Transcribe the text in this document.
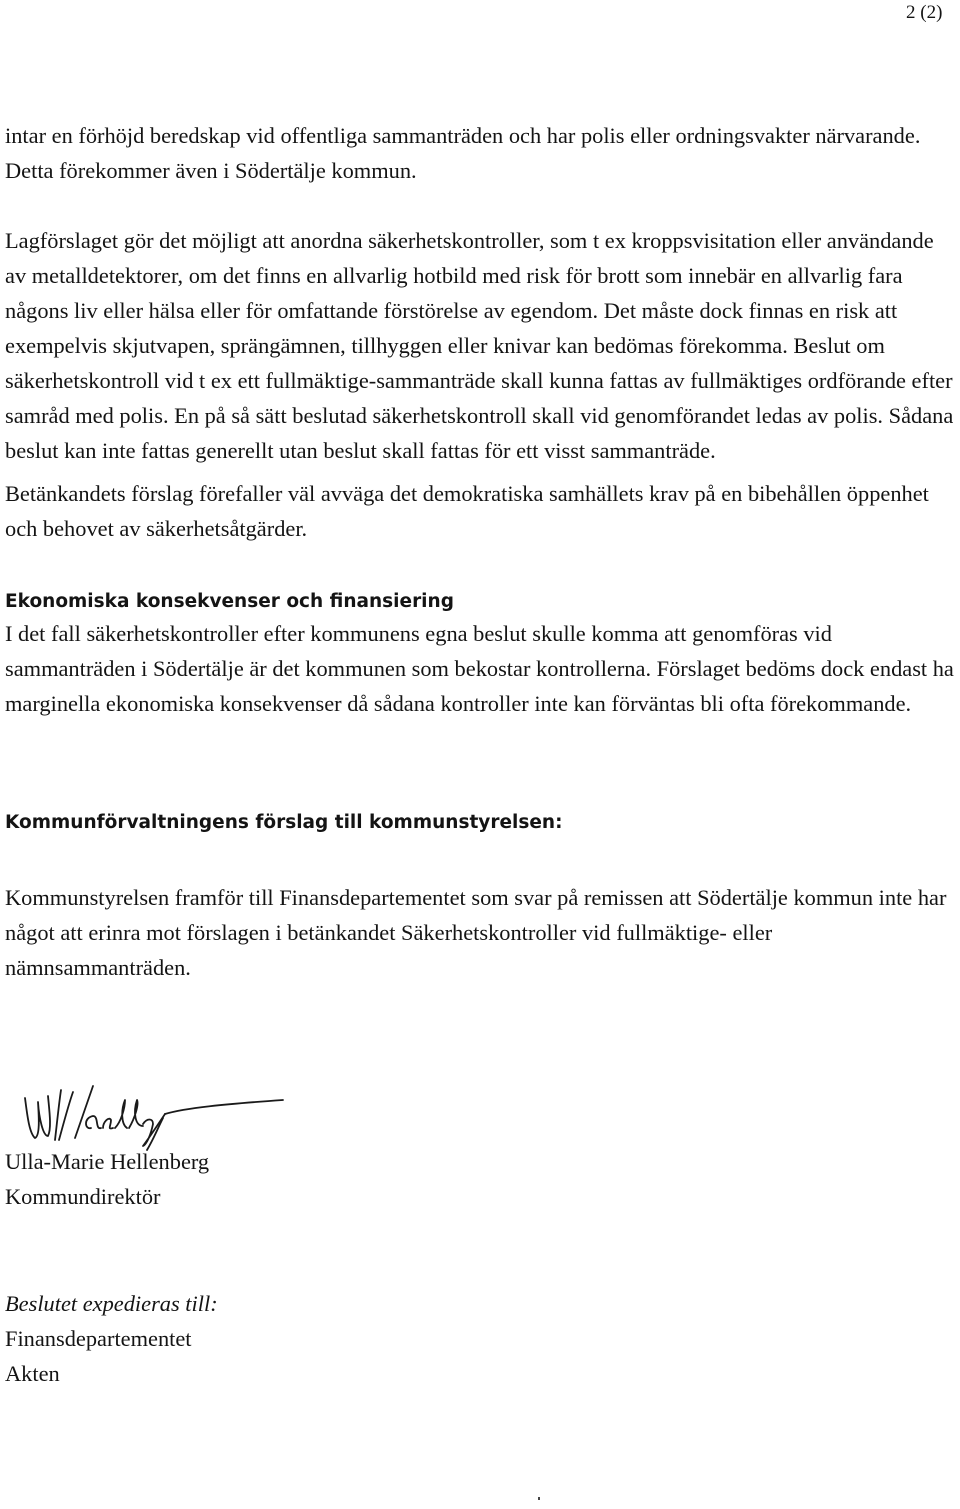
2 (2)

intar en förhöjd beredskap vid offentliga sammanträden och har polis eller ordningsvakter närvarande. Detta förekommer även i Södertälje kommun.

Lagförslaget gör det möjligt att anordna säkerhetskontroller, som t ex kroppsvisitation eller användande av metalldetektorer, om det finns en allvarlig hotbild med risk för brott som innebär en allvarlig fara någons liv eller hälsa eller för omfattande förstörelse av egendom. Det måste dock finnas en risk att exempelvis skjutvapen, sprängämnen, tillhyggen eller knivar kan bedömas förekomma. Beslut om säkerhetskontroll vid t ex ett fullmäktige-sammanträde skall kunna fattas av fullmäktiges ordförande efter samråd med polis. En på så sätt beslutad säkerhetskontroll skall vid genomförandet ledas av polis. Sådana beslut kan inte fattas generellt utan beslut skall fattas för ett visst sammanträde.

Betänkandets förslag förefaller väl avväga det demokratiska samhällets krav på en bibehållen öppenhet och behovet av säkerhetsåtgärder.

Ekonomiska konsekvenser och finansiering

I det fall säkerhetskontroller efter kommunens egna beslut skulle komma att genomföras vid sammanträden i Södertälje är det kommunen som bekostar kontrollerna. Förslaget bedöms dock endast ha marginella ekonomiska konsekvenser då sådana kontroller inte kan förväntas bli ofta förekommande.

Kommunförvaltningens förslag till kommunstyrelsen:

Kommunstyrelsen framför till Finansdepartementet som svar på remissen att Södertälje kommun inte har något att erinra mot förslagen i betänkandet Säkerhetskontroller vid fullmäktige- eller nämnsammanträden.

Ulla-Marie Hellenberg
Kommundirektör
Beslutet expedieras till:
Finansdepartementet
Akten
